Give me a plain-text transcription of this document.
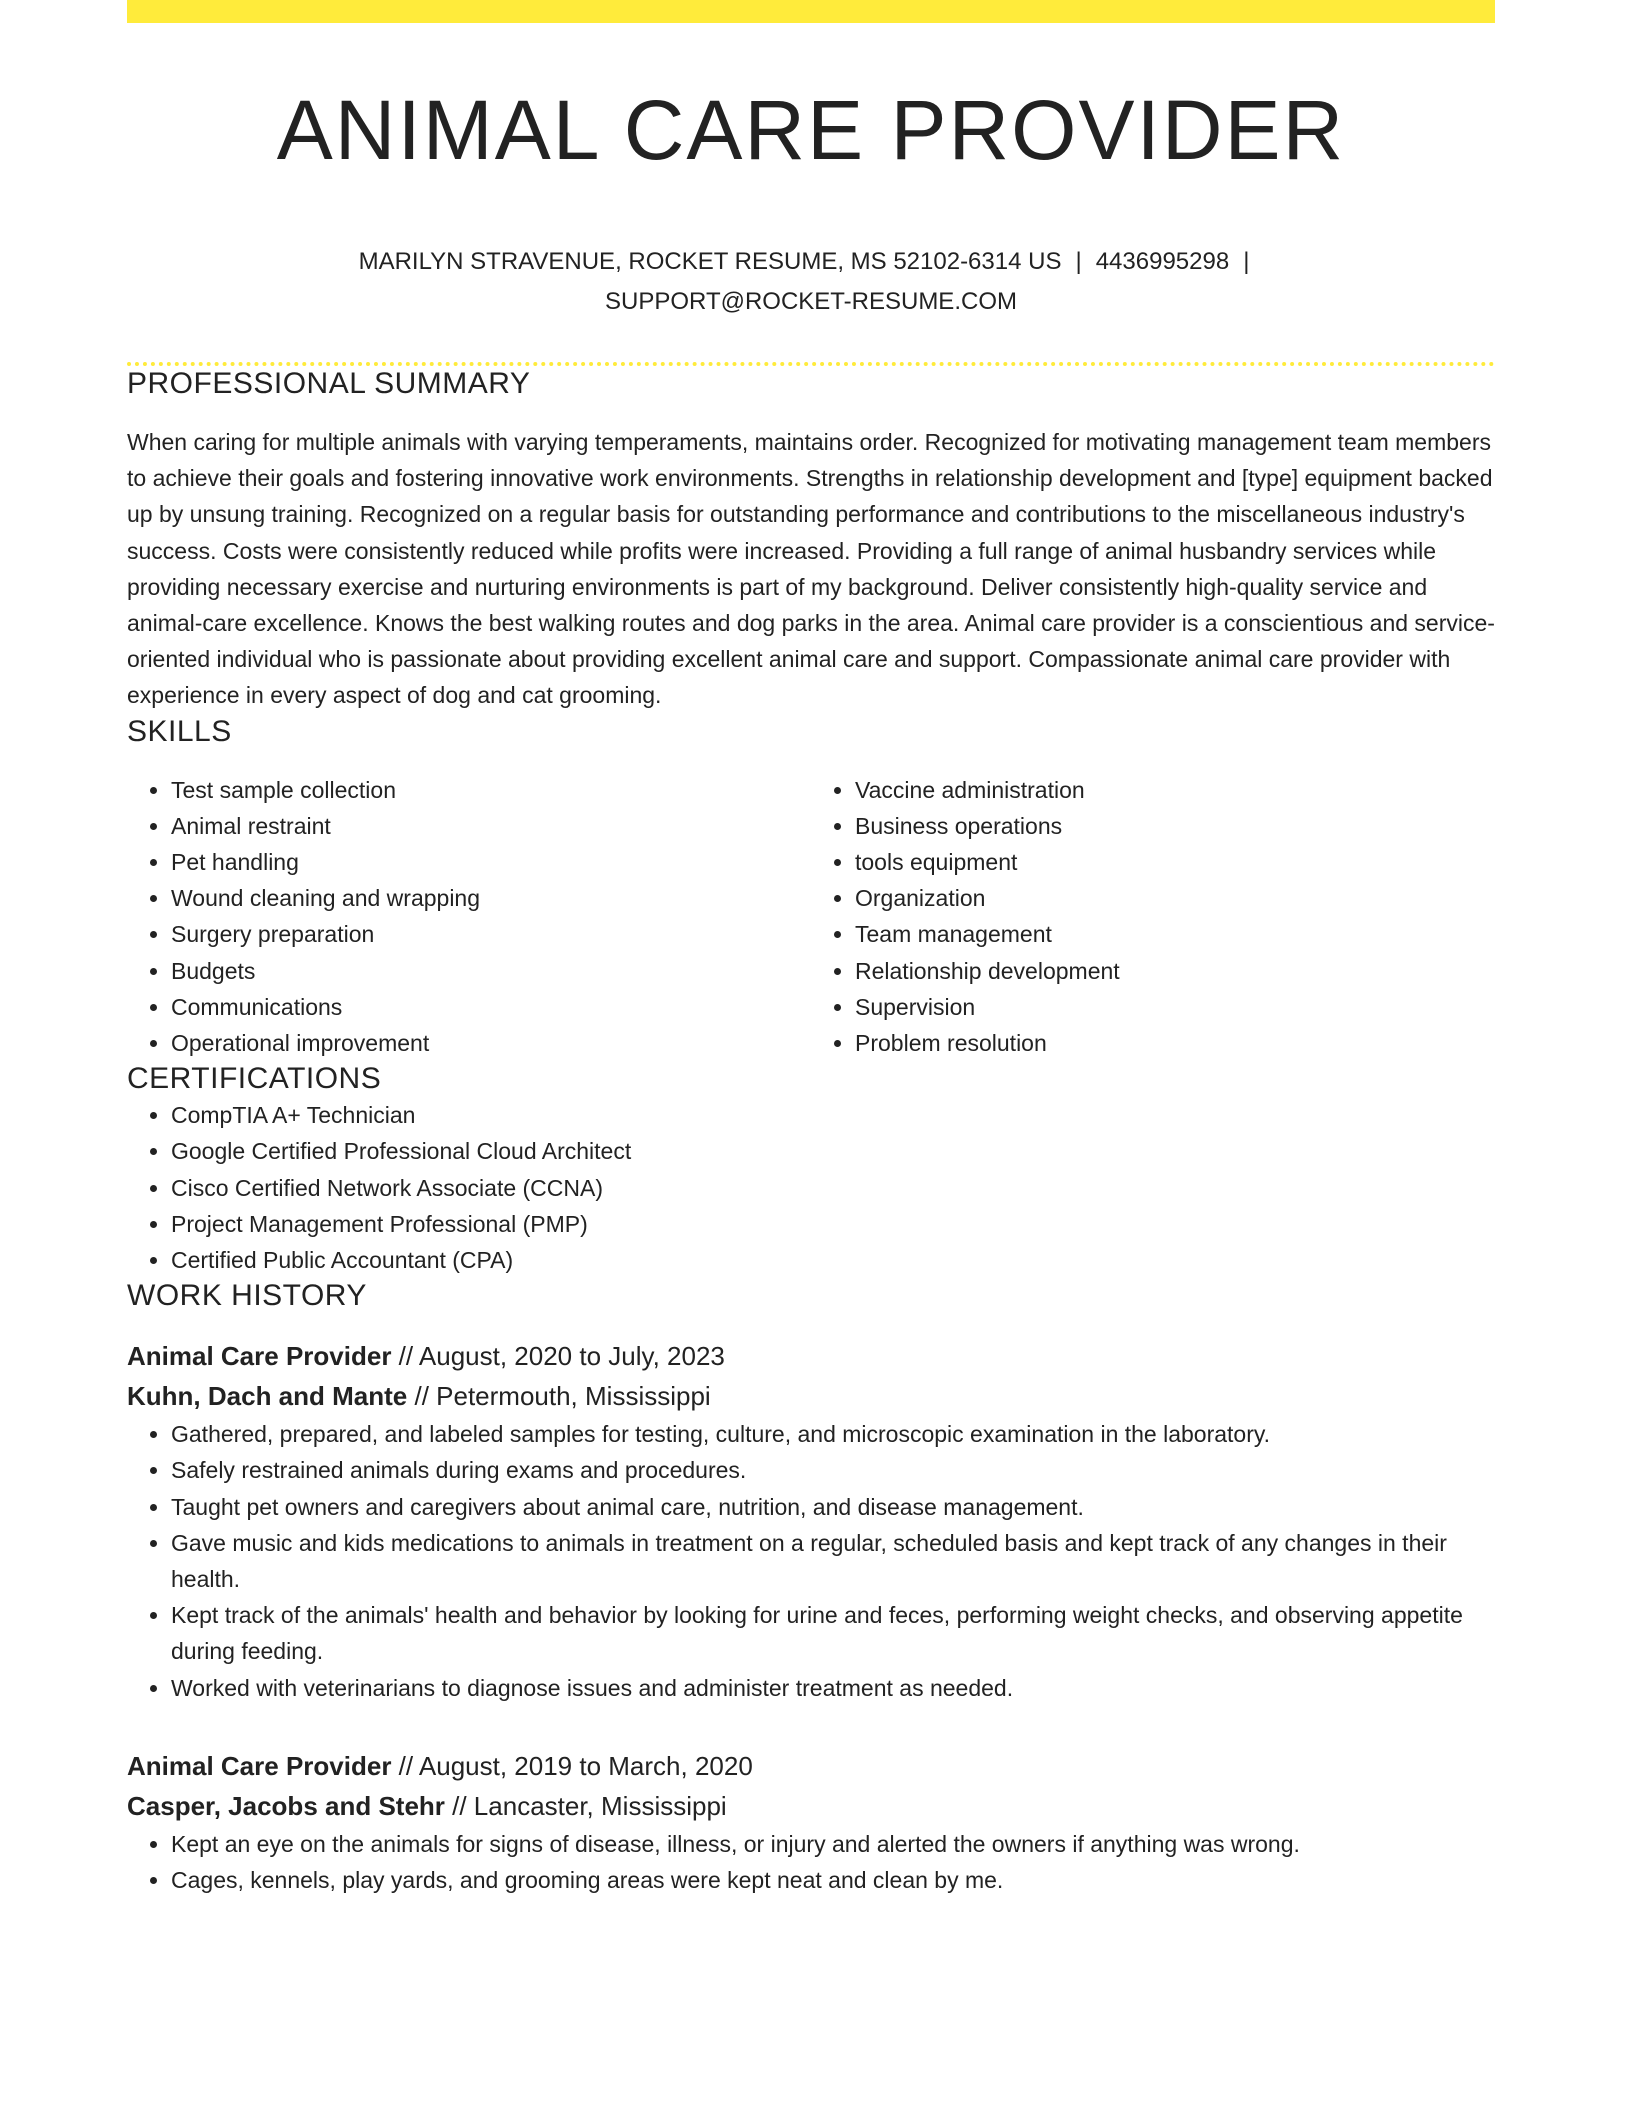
ANIMAL CARE PROVIDER
MARILYN STRAVENUE, ROCKET RESUME, MS 52102-6314 US | 4436995298 |
SUPPORT@ROCKET-RESUME.COM
PROFESSIONAL SUMMARY

When caring for multiple animals with varying temperaments, maintains order. Recognized for motivating management team members to achieve their goals and fostering innovative work environments. Strengths in relationship development and [type] equipment backed up by unsung training. Recognized on a regular basis for outstanding performance and contributions to the miscellaneous industry's success. Costs were consistently reduced while profits were increased. Providing a full range of animal husbandry services while providing necessary exercise and nurturing environments is part of my background. Deliver consistently high-quality service and animal-care excellence. Knows the best walking routes and dog parks in the area. Animal care provider is a conscientious and service-oriented individual who is passionate about providing excellent animal care and support. Compassionate animal care provider with experience in every aspect of dog and cat grooming.

SKILLS
• Test sample collection
• Animal restraint
• Pet handling
• Wound cleaning and wrapping
• Surgery preparation
• Budgets
• Communications
• Operational improvement
• Vaccine administration
• Business operations
• tools equipment
• Organization
• Team management
• Relationship development
• Supervision
• Problem resolution
CERTIFICATIONS
• CompTIA A+ Technician
• Google Certified Professional Cloud Architect
• Cisco Certified Network Associate (CCNA)
• Project Management Professional (PMP)
• Certified Public Accountant (CPA)
WORK HISTORY
Animal Care Provider // August, 2020 to July, 2023
Kuhn, Dach and Mante // Petermouth, Mississippi
• Gathered, prepared, and labeled samples for testing, culture, and microscopic examination in the laboratory.
• Safely restrained animals during exams and procedures.
• Taught pet owners and caregivers about animal care, nutrition, and disease management.
• Gave music and kids medications to animals in treatment on a regular, scheduled basis and kept track of any changes in their health.
• Kept track of the animals' health and behavior by looking for urine and feces, performing weight checks, and observing appetite during feeding.
• Worked with veterinarians to diagnose issues and administer treatment as needed.
Animal Care Provider // August, 2019 to March, 2020
Casper, Jacobs and Stehr // Lancaster, Mississippi
• Kept an eye on the animals for signs of disease, illness, or injury and alerted the owners if anything was wrong.
• Cages, kennels, play yards, and grooming areas were kept neat and clean by me.
